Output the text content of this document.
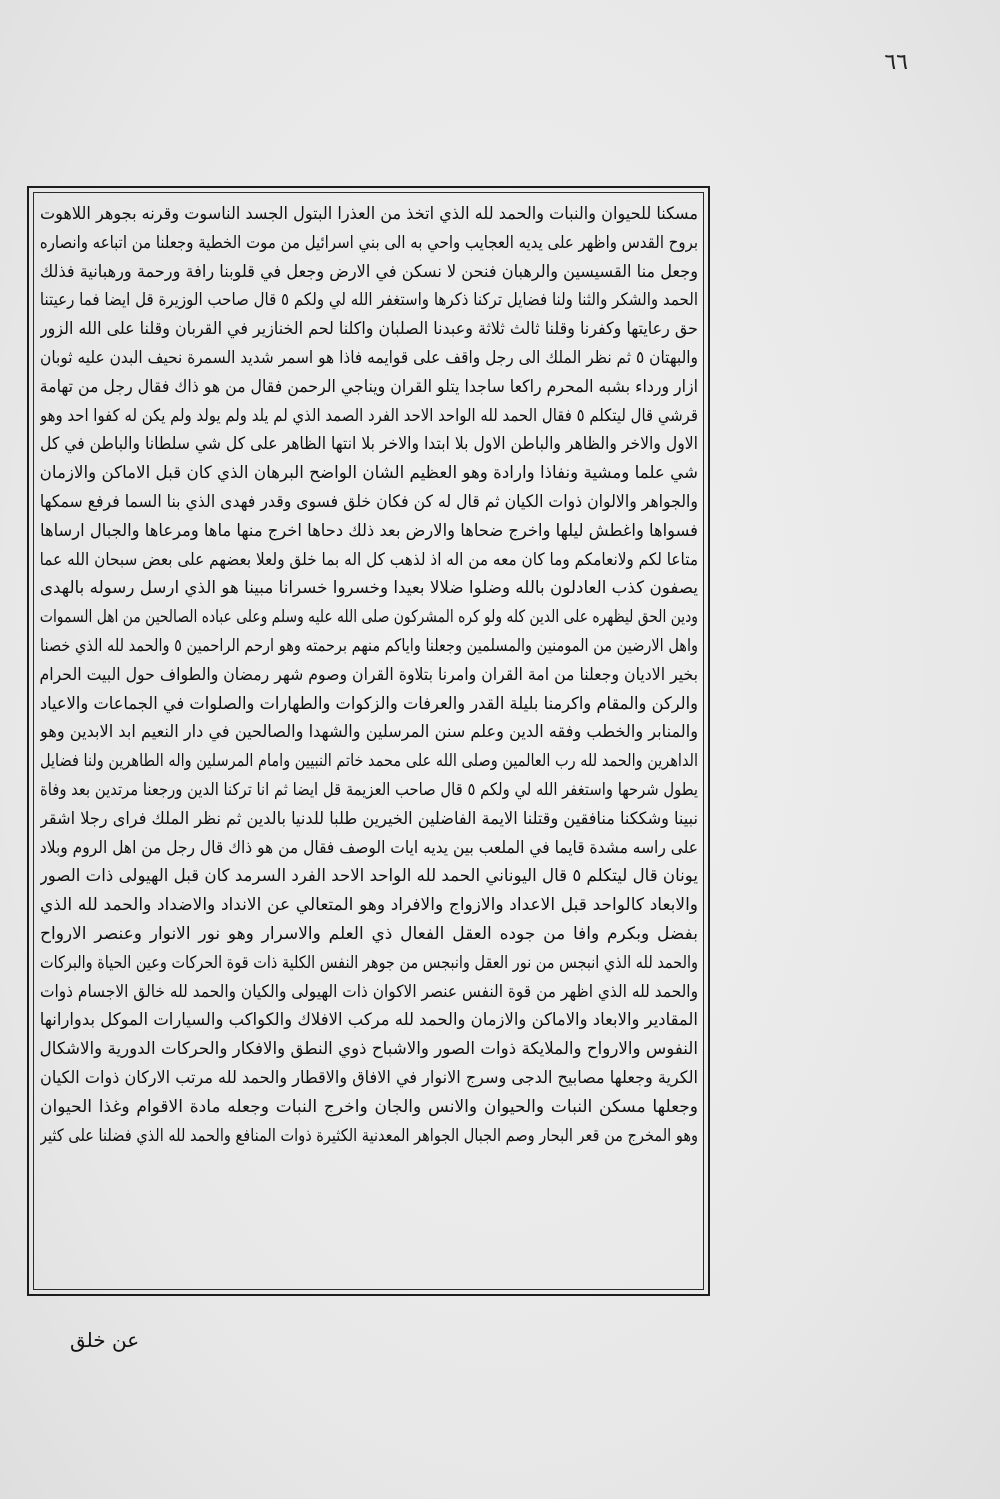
٦٦
مسكنا للحيوان والنبات والحمد لله الذي اتخذ من العذرا البتول الجسد الناسوت وقرنه بجوهر اللاهوت
بروح القدس واظهر على يديه العجايب واحي به الى بني اسرائيل من موت الخطية وجعلنا من اتباعه وانصاره
وجعل منا القسيسين والرهبان فنحن لا نسكن في الارض وجعل في قلوبنا رافة ورحمة ورهبانية فذلك
الحمد والشكر والثنا ولنا فضايل تركنا ذكرها واستغفر الله لي ولكم ٥ قال صاحب الوزيرة قل ايضا فما رعيتنا
حق رعايتها وكفرنا وقلنا ثالث ثلاثة وعبدنا الصلبان واكلنا لحم الخنازير في القربان وقلنا على الله الزور
والبهتان ٥ ثم نظر الملك الى رجل واقف على قوايمه فاذا هو اسمر شديد السمرة نحيف البدن عليه ثوبان
ازار ورداء بشبه المحرم راكعا ساجدا يتلو القران ويناجي الرحمن فقال من هو ذاك فقال رجل من تهامة
قرشي قال ليتكلم ٥ فقال الحمد لله الواحد الاحد الفرد الصمد الذي لم يلد ولم يولد ولم يكن له كفوا احد وهو
الاول والاخر والظاهر والباطن الاول بلا ابتدا والاخر بلا انتها الظاهر على كل شي سلطانا والباطن في كل
شي علما ومشية ونفاذا وارادة وهو العظيم الشان الواضح البرهان الذي كان قبل الاماكن والازمان
والجواهر والالوان ذوات الكيان ثم قال له كن فكان خلق فسوى وقدر فهدى الذي بنا السما فرفع سمكها
فسواها واغطش ليلها واخرج ضحاها والارض بعد ذلك دحاها اخرج منها ماها ومرعاها والجبال ارساها
متاعا لكم ولانعامكم وما كان معه من اله اذ لذهب كل اله بما خلق ولعلا بعضهم على بعض سبحان الله عما
يصفون كذب العادلون بالله وضلوا ضلالا بعيدا وخسروا خسرانا مبينا هو الذي ارسل رسوله بالهدى
ودين الحق ليظهره على الدين كله ولو كره المشركون صلى الله عليه وسلم وعلى عباده الصالحين من اهل السموات
واهل الارضين من المومنين والمسلمين وجعلنا واياكم منهم برحمته وهو ارحم الراحمين ٥ والحمد لله الذي خصنا
بخير الاديان وجعلنا من امة القران وامرنا بتلاوة القران وصوم شهر رمضان والطواف حول البيت الحرام
والركن والمقام واكرمنا بليلة القدر والعرفات والزكوات والطهارات والصلوات في الجماعات والاعياد
والمنابر والخطب وفقه الدين وعلم سنن المرسلين والشهدا والصالحين في دار النعيم ابد الابدين وهو
الداهرين والحمد لله رب العالمين وصلى الله على محمد خاتم النبيين وامام المرسلين واله الطاهرين ولنا فضايل
يطول شرحها واستغفر الله لي ولكم ٥ قال صاحب العزيمة قل ايضا ثم انا تركنا الدين ورجعنا مرتدين بعد وفاة
نبينا وشككنا منافقين وقتلنا الايمة الفاضلين الخيرين طلبا للدنيا بالدين ثم نظر الملك فراى رجلا اشقر
على راسه مشدة قايما في الملعب بين يديه ايات الوصف فقال من هو ذاك قال رجل من اهل الروم وبلاد
يونان قال ليتكلم ٥ قال اليوناني الحمد لله الواحد الاحد الفرد السرمد كان قبل الهيولى ذات الصور
والابعاد كالواحد قبل الاعداد والازواج والافراد وهو المتعالي عن الانداد والاضداد والحمد لله الذي
بفضل وبكرم وافا من جوده العقل الفعال ذي العلم والاسرار وهو نور الانوار وعنصر الارواح
والحمد لله الذي انبجس من نور العقل وانبجس من جوهر النفس الكلية ذات قوة الحركات وعين الحياة والبركات
والحمد لله الذي اظهر من قوة النفس عنصر الاكوان ذات الهيولى والكيان والحمد لله خالق الاجسام ذوات
المقادير والابعاد والاماكن والازمان والحمد لله مركب الافلاك والكواكب والسيارات الموكل بدوارانها
النفوس والارواح والملايكة ذوات الصور والاشباح ذوي النطق والافكار والحركات الدورية والاشكال
الكرية وجعلها مصابيح الدجى وسرج الانوار في الافاق والاقطار والحمد لله مرتب الاركان ذوات الكيان
وجعلها مسكن النبات والحيوان والانس والجان واخرج النبات وجعله مادة الاقوام وغذا الحيوان
وهو المخرج من قعر البحار وصم الجبال الجواهر المعدنية الكثيرة ذوات المنافع والحمد لله الذي فضلنا على كثير
عن خلق
